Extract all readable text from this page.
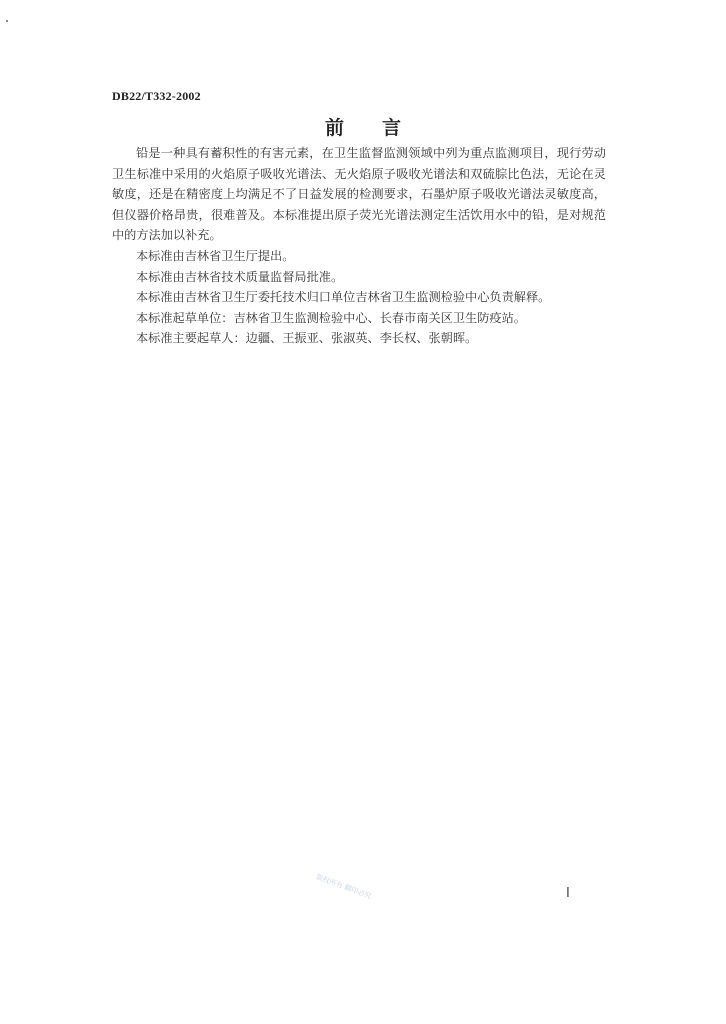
DB22/T332-2002
前言

铅是一种具有蓄积性的有害元素，在卫生监督监测领域中列为重点监测项目，现行劳动卫生标准中采用的火焰原子吸收光谱法、无火焰原子吸收光谱法和双硫腙比色法，无论在灵敏度，还是在精密度上均满足不了日益发展的检测要求，石墨炉原子吸收光谱法灵敏度高，但仪器价格昂贵，很难普及。本标准提出原子荧光光谱法测定生活饮用水中的铅，是对规范中的方法加以补充。

本标准由吉林省卫生厅提出。

本标准由吉林省技术质量监督局批准。

本标准由吉林省卫生厅委托技术归口单位吉林省卫生监测检验中心负责解释。

本标准起草单位：吉林省卫生监测检验中心、长春市南关区卫生防疫站。

本标准主要起草人：边疆、王振亚、张淑英、李长权、张朝晖。

版权所有 翻印必究	I
